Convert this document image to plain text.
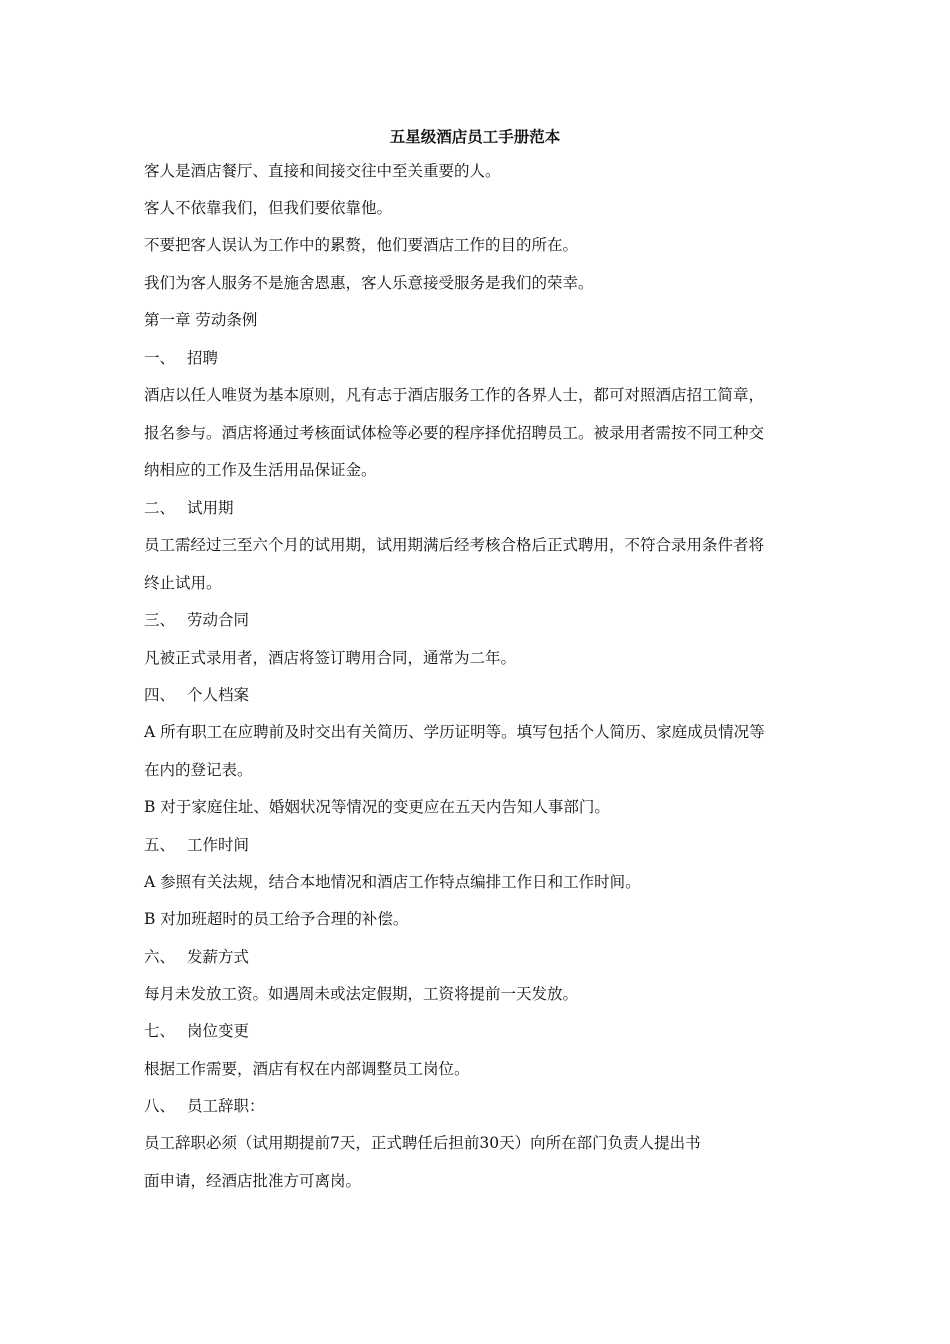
五星级酒店员工手册范本
客人是酒店餐厅、直接和间接交往中至关重要的人。
客人不依靠我们，但我们要依靠他。
不要把客人误认为工作中的累赘，他们要酒店工作的目的所在。
我们为客人服务不是施舍恩惠，客人乐意接受服务是我们的荣幸。
第一章 劳动条例
一、 招聘
酒店以任人唯贤为基本原则，凡有志于酒店服务工作的各界人士，都可对照酒店招工简章，
报名参与。酒店将通过考核面试体检等必要的程序择优招聘员工。被录用者需按不同工种交
纳相应的工作及生活用品保证金。
二、 试用期
员工需经过三至六个月的试用期，试用期满后经考核合格后正式聘用，不符合录用条件者将
终止试用。
三、 劳动合同
凡被正式录用者，酒店将签订聘用合同，通常为二年。
四、 个人档案
A 所有职工在应聘前及时交出有关简历、学历证明等。填写包括个人简历、家庭成员情况等
在内的登记表。
B 对于家庭住址、婚姻状况等情况的变更应在五天内告知人事部门。
五、 工作时间
A 参照有关法规，结合本地情况和酒店工作特点编排工作日和工作时间。
B 对加班超时的员工给予合理的补偿。
六、 发薪方式
每月未发放工资。如遇周未或法定假期，工资将提前一天发放。
七、 岗位变更
根据工作需要，酒店有权在内部调整员工岗位。
八、 员工辞职：
员工辞职必须（试用期提前7天，正式聘任后担前30天）向所在部门负责人提出书
面申请，经酒店批准方可离岗。
